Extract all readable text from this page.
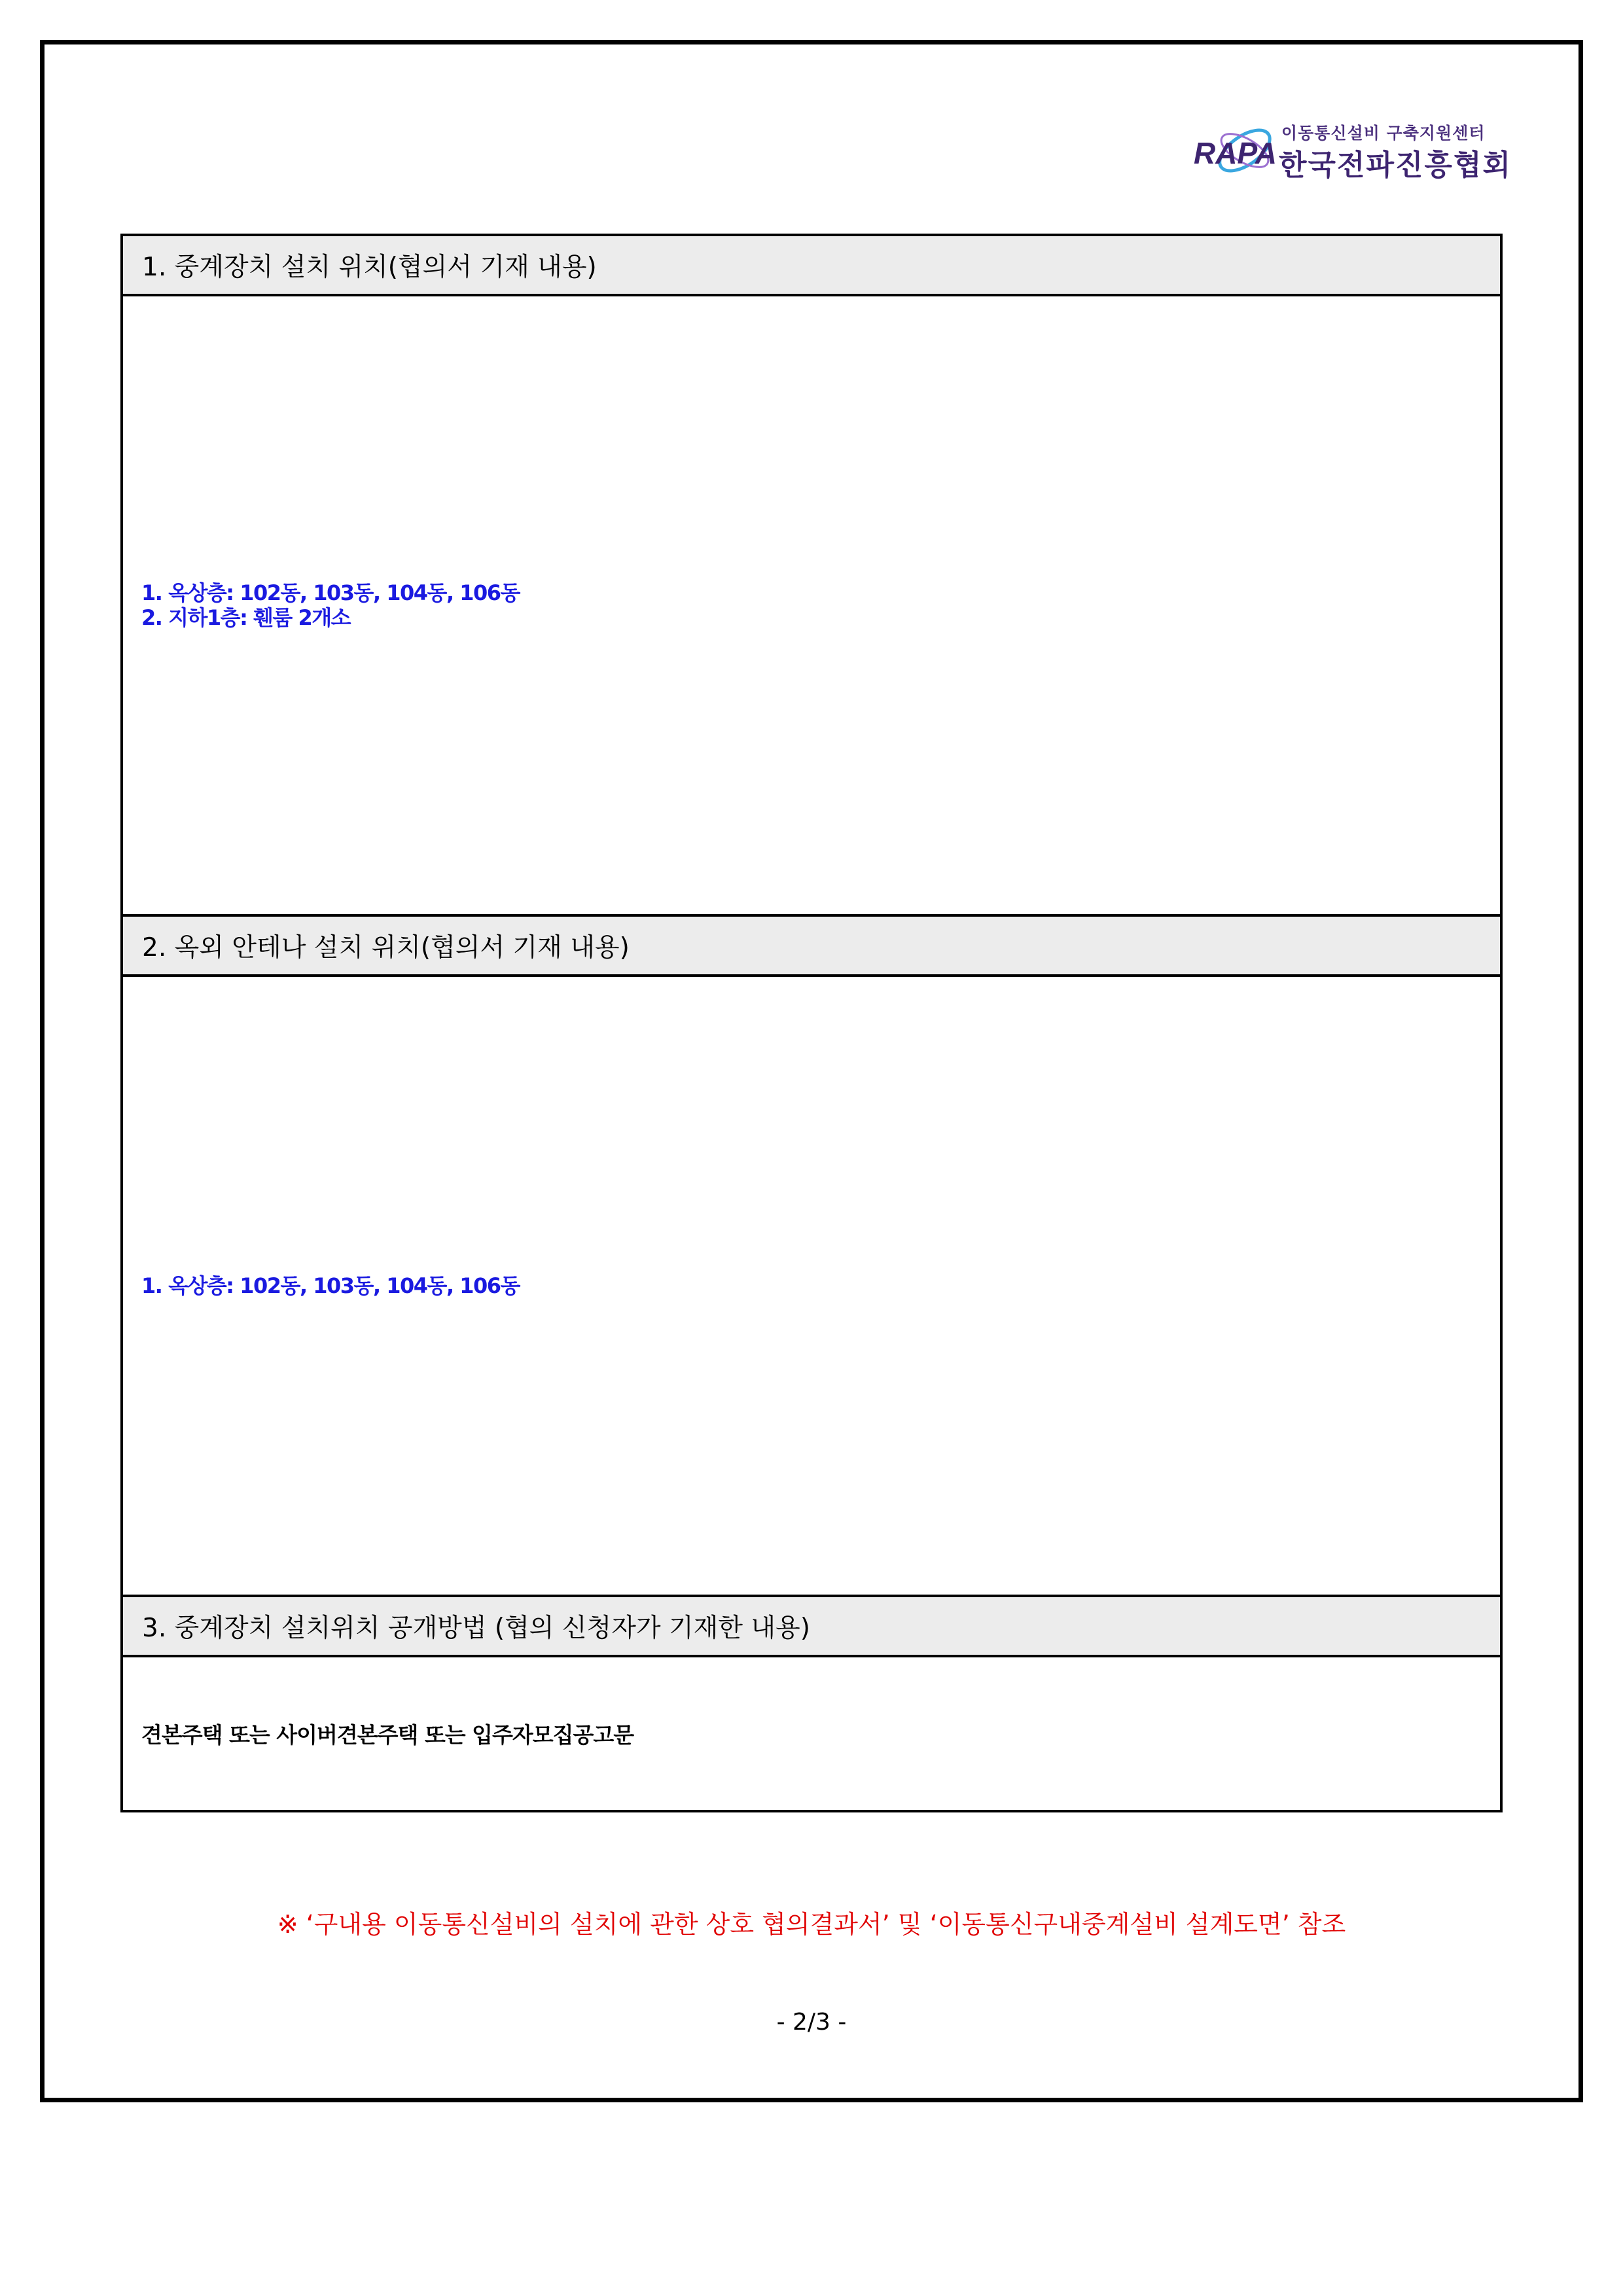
RAPA
이동통신설비 구축지원센터
한국전파진흥협회
1. 중계장치 설치 위치(협의서 기재 내용)
1. 옥상층: 102동, 103동, 104동, 106동
2. 지하1층: 휀룸 2개소
2. 옥외 안테나 설치 위치(협의서 기재 내용)
1. 옥상층: 102동, 103동, 104동, 106동
3. 중계장치 설치위치 공개방법 (협의 신청자가 기재한 내용)
견본주택 또는 사이버견본주택 또는 입주자모집공고문
※ ‘구내용 이동통신설비의 설치에 관한 상호 협의결과서’ 및 ‘이동통신구내중계설비 설계도면’ 참조
- 2/3 -
